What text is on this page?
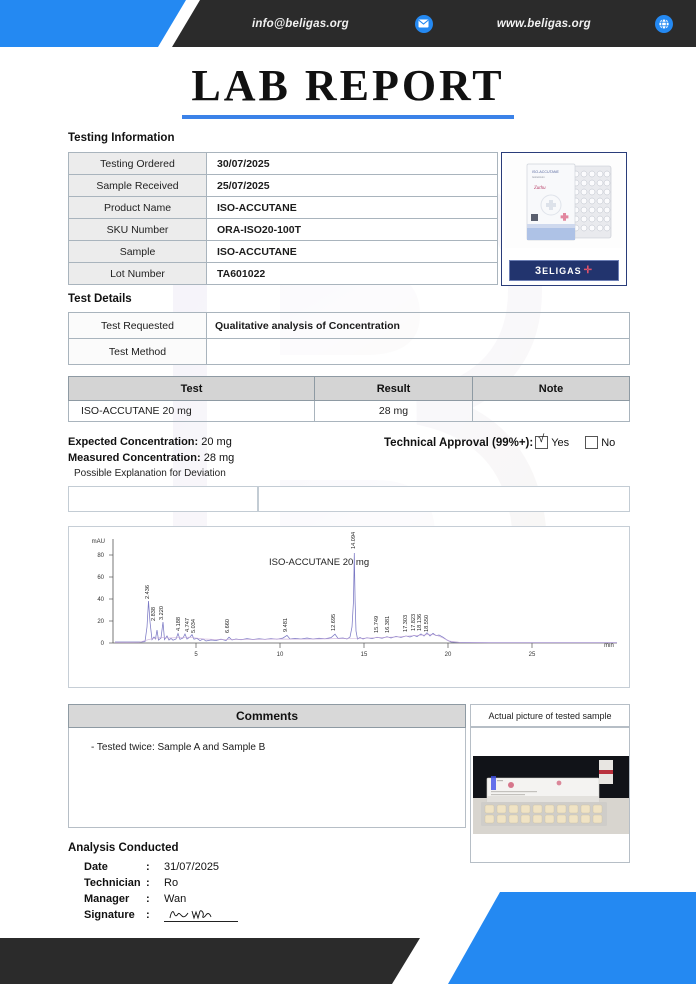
info@beligas.org	www.beligas.org
LAB REPORT
Testing Information
Testing Ordered	30/07/2025
Sample Received	25/07/2025
Product Name	ISO-ACCUTANE
SKU Number	ORA-ISO20-100T
Sample	ISO-ACCUTANE
Lot Number	TA601022
ISO-ACCUTANE
Isotretinoin
Zuthu
3 ELIGAS ✛
Test Details
Test Requested	Qualitative analysis of Concentration
Test Method	
Test	Result	Note
ISO-ACCUTANE 20 mg	28 mg	
Expected Concentration: 20 mg
Measured Concentration: 28 mg
Possible Explanation for Deviation
Technical Approval (99%+): √ Yes	No
ISO-ACCUTANE 20 mg
0
20
40
60
80
mAU
5	10	15	20	25
min
2.436
2.838 3.220
4.188 4.747 5.034	6.660	9.481	12.695
14.094
15.749 16.381 17.303 17.823 18.136 18.550
Comments
- Tested twice: Sample A and Sample B
Actual picture of tested sample
Analysis Conducted
Date	:	31/07/2025
Technician	:	Ro
Manager	:	Wan
Signature	:	
